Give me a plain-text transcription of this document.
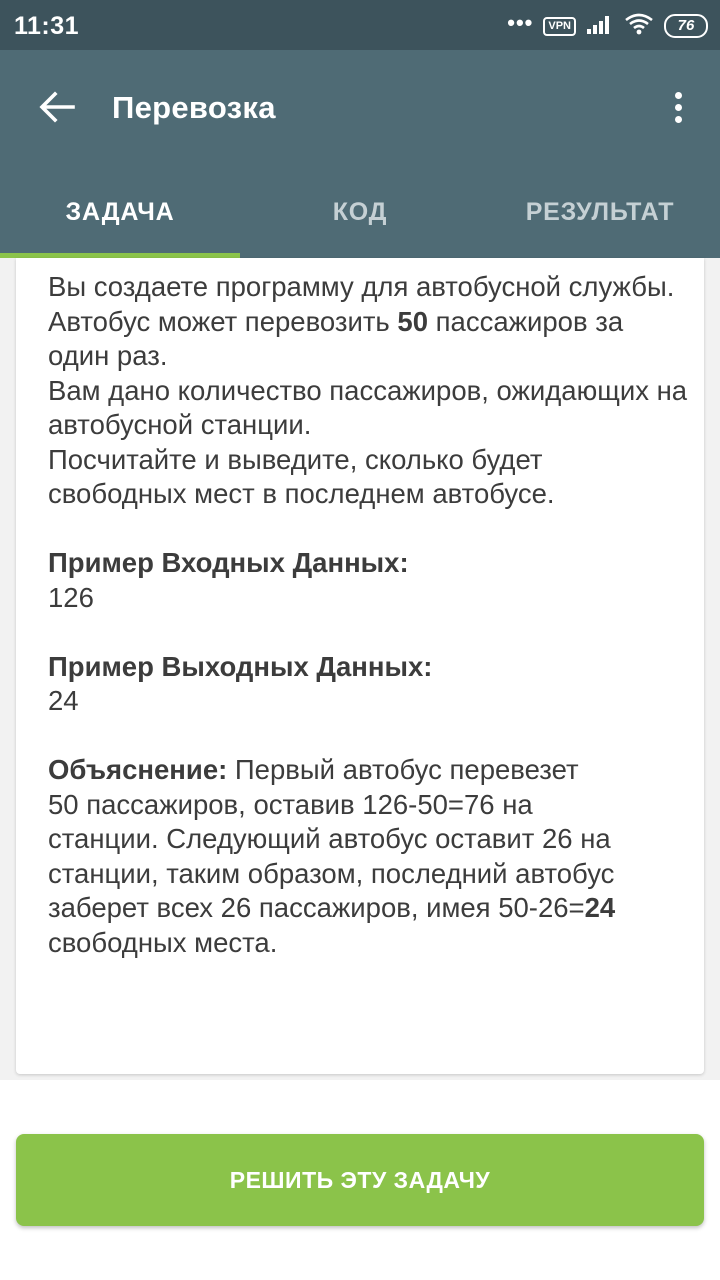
11:31	•••	VPN	76
Перевозка
ЗАДАЧА	КОД	РЕЗУЛЬТАТ

Вы создаете программу для автобусной службы.

Автобус может перевозить 50 пассажиров за один раз.

Вам дано количество пассажиров, ожидающих на автобусной станции.

Посчитайте и выведите, сколько будет свободных мест в последнем автобусе.

Пример Входных Данных:

126

Пример Выходных Данных:

24

Объяснение: Первый автобус перевезет
50 пассажиров, оставив 126-50=76 на
станции. Следующий автобус оставит 26 на
станции, таким образом, последний автобус
заберет всех 26 пассажиров, имея 50-26=24
свободных места.

РЕШИТЬ ЭТУ ЗАДАЧУ
